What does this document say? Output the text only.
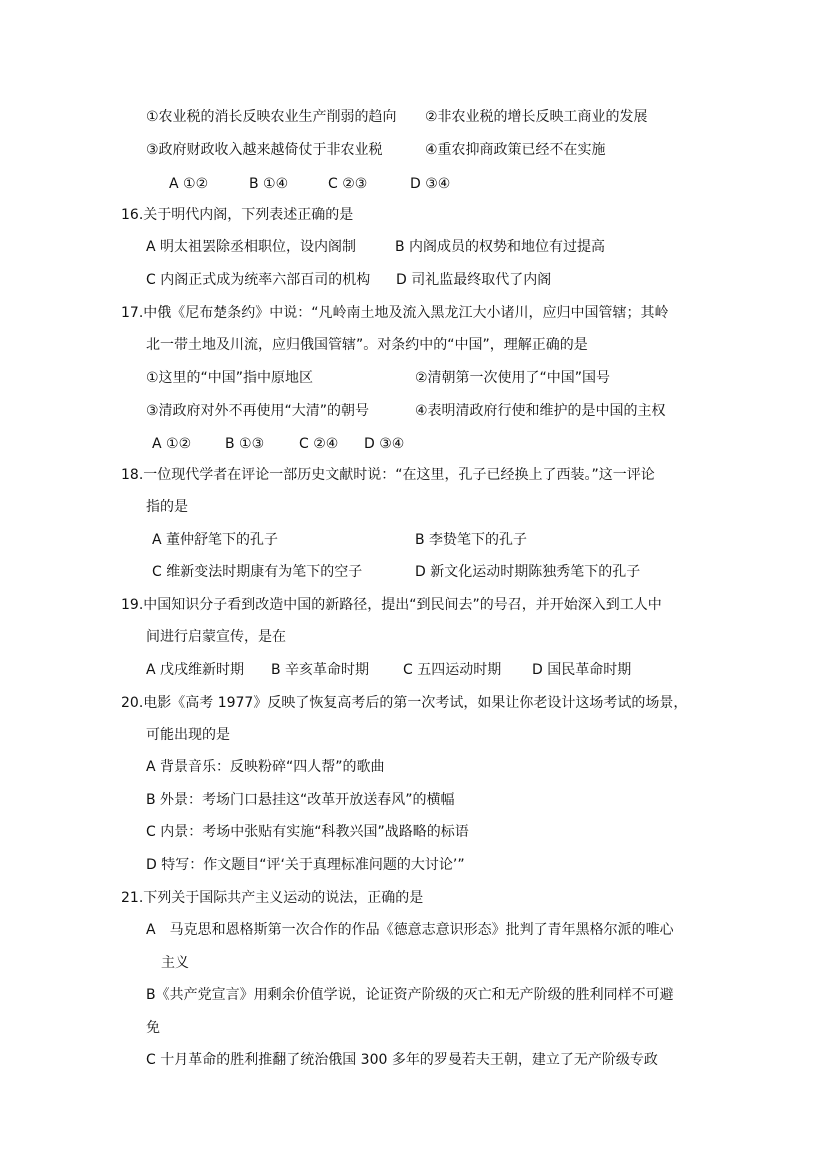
①农业税的消长反映农业生产削弱的趋向 ②非农业税的增长反映工商业的发展
③政府财政收入越来越倚仗于非农业税	④重农抑商政策已经不在实施
A ①②	B ①④	C ②③	D ③④
16.关于明代内阁，下列表述正确的是
A 明太祖罢除丞相职位，设内阁制	B 内阁成员的权势和地位有过提高
C 内阁正式成为统率六部百司的机构 D 司礼监最终取代了内阁
17.中俄《尼布楚条约》中说：“凡岭南土地及流入黑龙江大小诸川，应归中国管辖；其岭
北一带土地及川流，应归俄国管辖”。对条约中的“中国”，理解正确的是
①这里的“中国”指中原地区	②清朝第一次使用了“中国”国号
③清政府对外不再使用“大清”的朝号	④表明清政府行使和维护的是中国的主权
A ①② B ①③ C ②④ D ③④
18.一位现代学者在评论一部历史文献时说：“在这里，孔子已经换上了西装。”这一评论
指的是
A 董仲舒笔下的孔子	B 李贽笔下的孔子
C 维新变法时期康有为笔下的空子	D 新文化运动时期陈独秀笔下的孔子
19.中国知识分子看到改造中国的新路径，提出“到民间去”的号召，并开始深入到工人中
间进行启蒙宣传，是在
A 戊戌维新时期 B 辛亥革命时期 C 五四运动时期 D 国民革命时期
20.电影《高考 1977》反映了恢复高考后的第一次考试，如果让你老设计这场考试的场景，
可能出现的是
A 背景音乐：反映粉碎“四人帮”的歌曲
B 外景：考场门口悬挂这“改革开放送春风”的横幅
C 内景：考场中张贴有实施“科教兴国”战路略的标语
D 特写：作文题目“评‘关于真理标准问题的大讨论’”
21.下列关于国际共产主义运动的说法，正确的是
A　马克思和恩格斯第一次合作的作品《德意志意识形态》批判了青年黑格尔派的唯心
主义
B《共产党宣言》用剩余价值学说，论证资产阶级的灭亡和无产阶级的胜利同样不可避
免
C 十月革命的胜利推翻了统治俄国 300 多年的罗曼若夫王朝，建立了无产阶级专政
